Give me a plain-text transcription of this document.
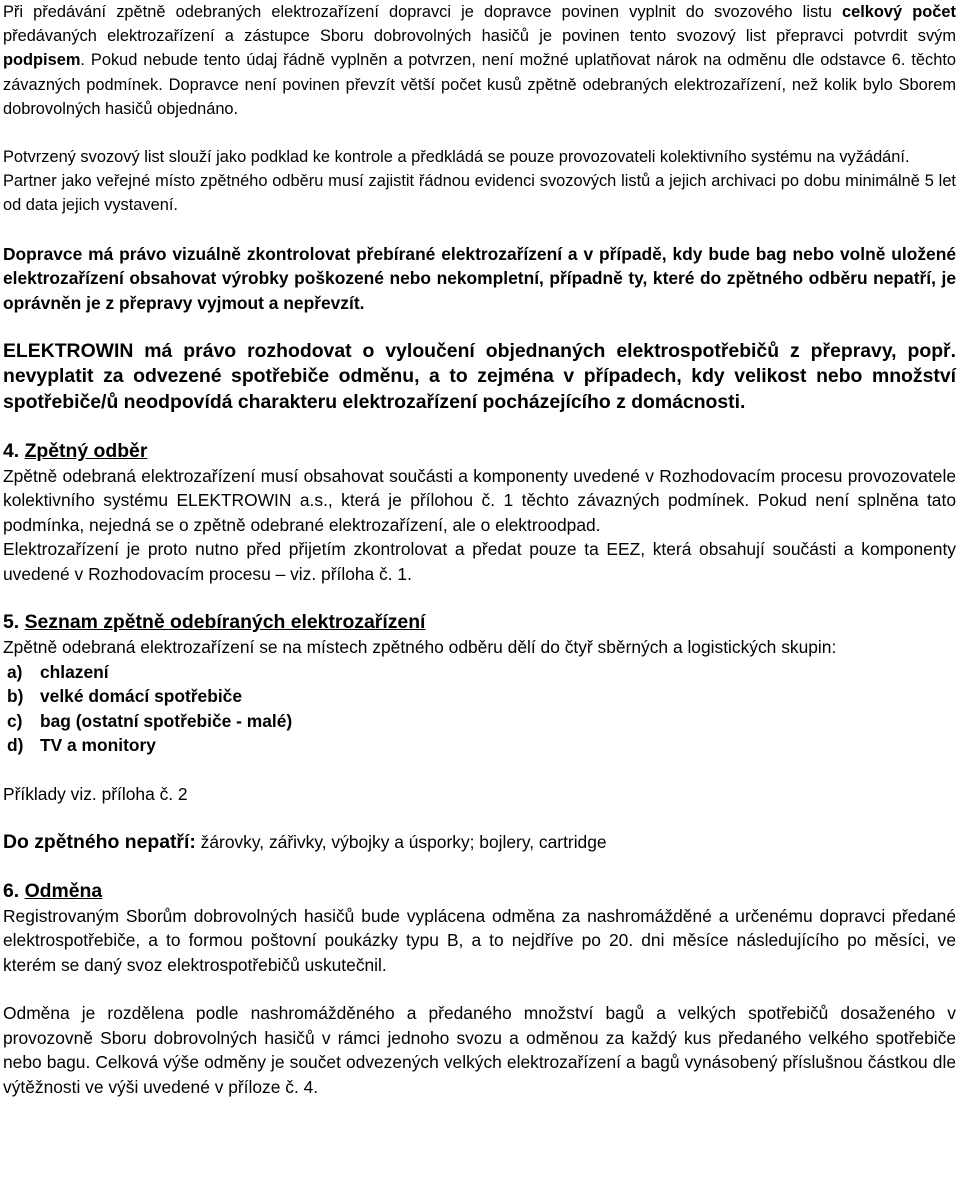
Při předávání zpětně odebraných elektrozařízení dopravci je dopravce povinen vyplnit do svozového listu celkový počet předávaných elektrozařízení a zástupce Sboru dobrovolných hasičů je povinen tento svozový list přepravci potvrdit svým podpisem. Pokud nebude tento údaj řádně vyplněn a potvrzen, není možné uplatňovat nárok na odměnu dle odstavce 6. těchto závazných podmínek. Dopravce není povinen převzít větší počet kusů zpětně odebraných elektrozařízení, než kolik bylo Sborem dobrovolných hasičů objednáno.

Potvrzený svozový list slouží jako podklad ke kontrole a předkládá se pouze provozovateli kolektivního systému na vyžádání.

Partner jako veřejné místo zpětného odběru musí zajistit řádnou evidenci svozových listů a jejich archivaci po dobu minimálně 5 let od data jejich vystavení.

Dopravce má právo vizuálně zkontrolovat přebírané elektrozařízení a v případě, kdy bude bag nebo volně uložené elektrozařízení obsahovat výrobky poškozené nebo nekompletní, případně ty, které do zpětného odběru nepatří, je oprávněn je z přepravy vyjmout a nepřevzít.

ELEKTROWIN má právo rozhodovat o vyloučení objednaných elektrospotřebičů z přepravy, popř. nevyplatit za odvezené spotřebiče odměnu, a to zejména v případech, kdy velikost nebo množství spotřebiče/ů neodpovídá charakteru elektrozařízení pocházejícího z domácnosti.

4. Zpětný odběr

Zpětně odebraná elektrozařízení musí obsahovat součásti a komponenty uvedené v Rozhodovacím procesu provozovatele kolektivního systému ELEKTROWIN a.s., která je přílohou č. 1 těchto závazných podmínek. Pokud není splněna tato podmínka, nejedná se o zpětně odebrané elektrozařízení, ale o elektroodpad.

Elektrozařízení je proto nutno před přijetím zkontrolovat a předat pouze ta EEZ, která obsahují součásti a komponenty uvedené v Rozhodovacím procesu – viz. příloha č. 1.

5. Seznam zpětně odebíraných elektrozařízení

Zpětně odebraná elektrozařízení se na místech zpětného odběru dělí do čtyř sběrných a logistických skupin:

a)	chlazení
b) velké domácí spotřebiče
c)	bag (ostatní spotřebiče - malé)
d) TV a monitory

Příklady viz. příloha č. 2

Do zpětného nepatří: žárovky, zářivky, výbojky a úsporky; bojlery, cartridge

6. Odměna

Registrovaným Sborům dobrovolných hasičů bude vyplácena odměna za nashromážděné a určenému dopravci předané elektrospotřebiče, a to formou poštovní poukázky typu B, a to nejdříve po 20. dni měsíce následujícího po měsíci, ve kterém se daný svoz elektrospotřebičů uskutečnil.

Odměna je rozdělena podle nashromážděného a předaného množství bagů a velkých spotřebičů dosaženého v provozovně Sboru dobrovolných hasičů v rámci jednoho svozu a odměnou za každý kus předaného velkého spotřebiče nebo bagu. Celková výše odměny je součet odvezených velkých elektrozařízení a bagů vynásobený příslušnou částkou dle výtěžnosti ve výši uvedené v příloze č. 4.
